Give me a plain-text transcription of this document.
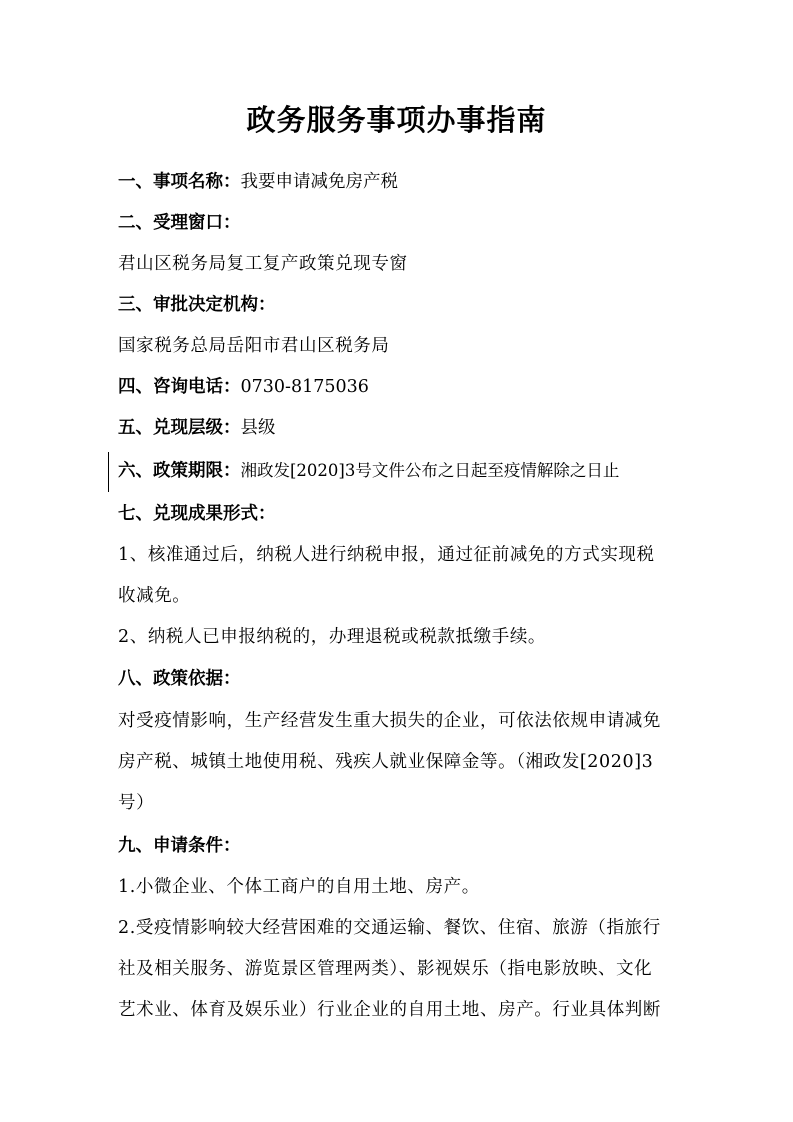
政务服务事项办事指南
一、事项名称：我要申请减免房产税
二、受理窗口：
君山区税务局复工复产政策兑现专窗
三、审批决定机构：
国家税务总局岳阳市君山区税务局
四、咨询电话：0730-8175036
五、兑现层级：县级
六、政策期限：湘政发[2020]3号文件公布之日起至疫情解除之日止
七、兑现成果形式：
1、核准通过后，纳税人进行纳税申报，通过征前减免的方式实现税
收减免。
2、纳税人已申报纳税的，办理退税或税款抵缴手续。
八、政策依据：
对受疫情影响，生产经营发生重大损失的企业，可依法依规申请减免
房产税、城镇土地使用税、残疾人就业保障金等。（湘政发[2020]3
号）
九、申请条件：
1.小微企业、个体工商户的自用土地、房产。
2.受疫情影响较大经营困难的交通运输、餐饮、住宿、旅游（指旅行
社及相关服务、游览景区管理两类）、影视娱乐（指电影放映、文化
艺术业、体育及娱乐业）行业企业的自用土地、房产。行业具体判断
